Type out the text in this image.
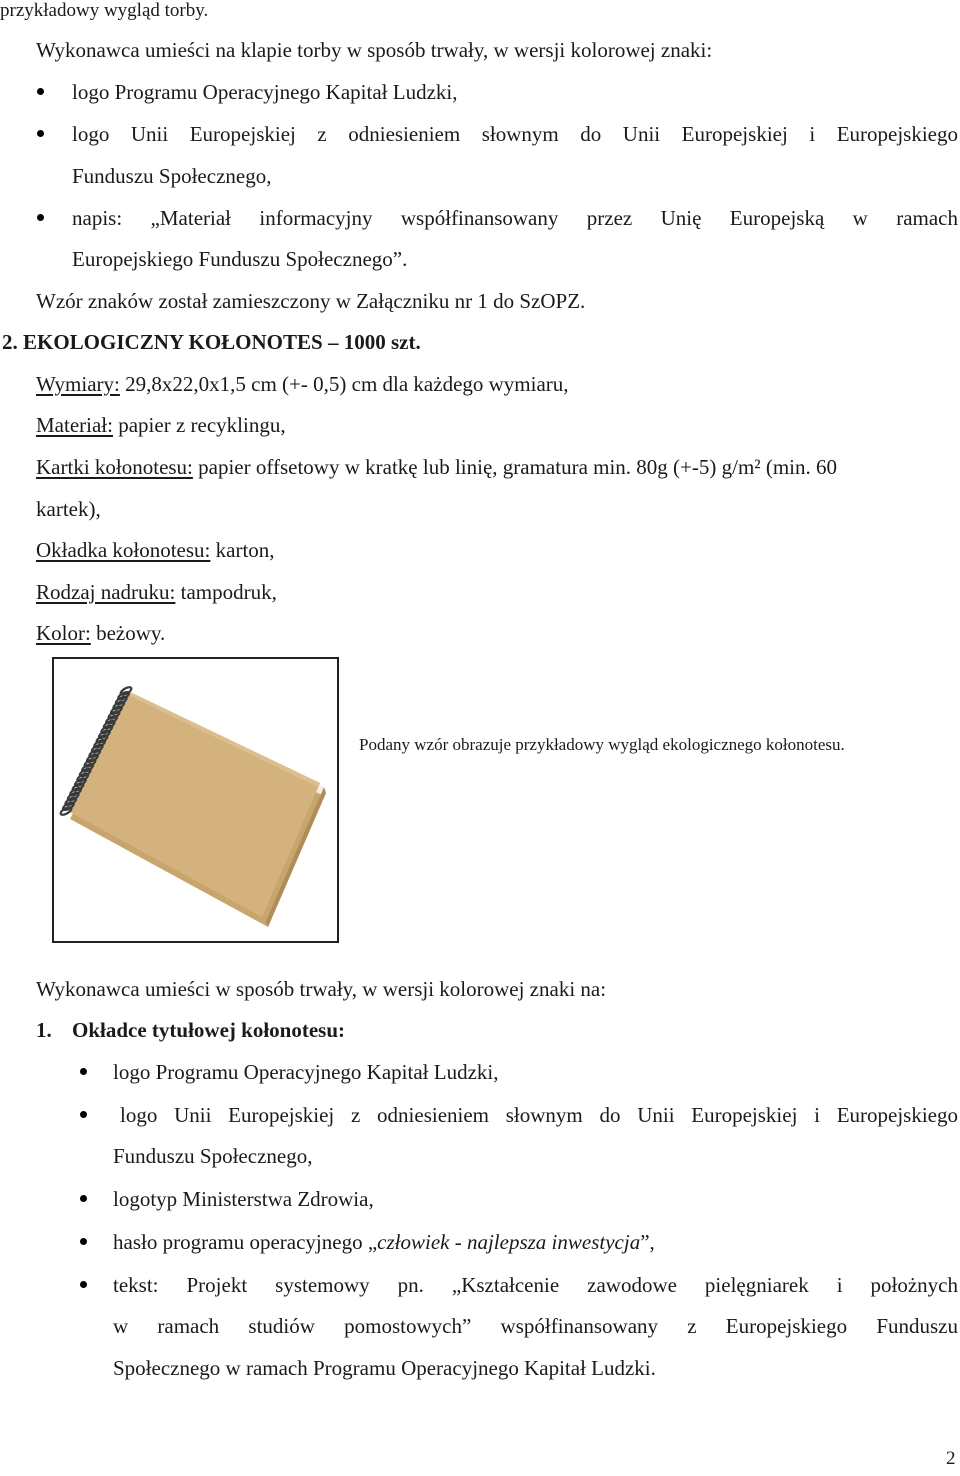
przykładowy wygląd torby.
Wykonawca umieści na klapie torby w sposób trwały, w wersji kolorowej znaki:
logo Programu Operacyjnego Kapitał Ludzki,
logo Unii Europejskiej z odniesieniem słownym do Unii Europejskiej i Europejskiego
Funduszu Społecznego,
napis: „Materiał informacyjny współfinansowany przez Unię Europejską w ramach
Europejskiego Funduszu Społecznego”.
Wzór znaków został zamieszczony w Załączniku nr 1 do SzOPZ.
2. EKOLOGICZNY KOŁONOTES – 1000 szt.
Wymiary: 29,8x22,0x1,5 cm (+- 0,5) cm dla każdego wymiaru,
Materiał: papier z recyklingu,
Kartki kołonotesu: papier offsetowy w kratkę lub linię, gramatura min. 80g (+-5) g/m² (min. 60
kartek),
Okładka kołonotesu: karton,
Rodzaj nadruku: tampodruk,
Kolor: beżowy.
Podany wzór obrazuje przykładowy wygląd ekologicznego kołonotesu.
Wykonawca umieści w sposób trwały, w wersji kolorowej znaki na:
1. Okładce tytułowej kołonotesu:
logo Programu Operacyjnego Kapitał Ludzki,
logo Unii Europejskiej z odniesieniem słownym do Unii Europejskiej i Europejskiego
Funduszu Społecznego,
logotyp Ministerstwa Zdrowia,
hasło programu operacyjnego „człowiek - najlepsza inwestycja”,
tekst: Projekt systemowy pn. „Kształcenie zawodowe pielęgniarek i położnych
w ramach studiów pomostowych” współfinansowany z Europejskiego Funduszu
Społecznego w ramach Programu Operacyjnego Kapitał Ludzki.
2
